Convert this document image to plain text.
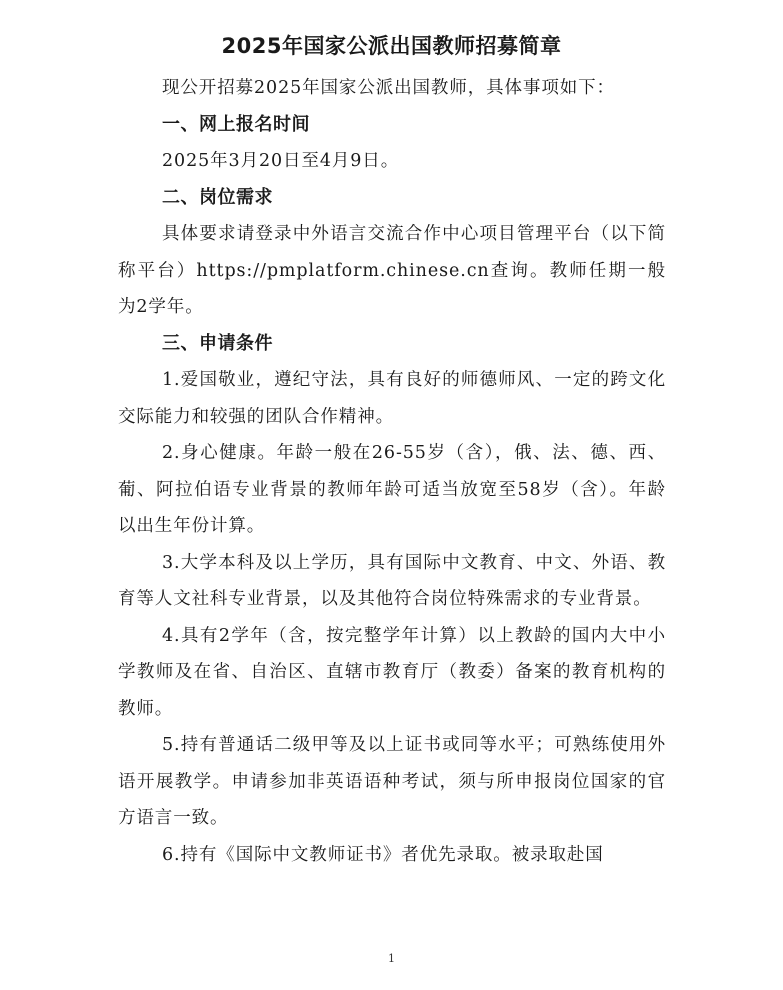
2025年国家公派出国教师招募简章

现公开招募2025年国家公派出国教师，具体事项如下：

一、网上报名时间

2025年3月20日至4月9日。

二、岗位需求

具体要求请登录中外语言交流合作中心项目管理平台（以下简称平台）https://pmplatform.chinese.cn查询。教师任期一般为2学年。

三、申请条件

1.爱国敬业，遵纪守法，具有良好的师德师风、一定的跨文化交际能力和较强的团队合作精神。

2.身心健康。年龄一般在26-55岁（含），俄、法、德、西、葡、阿拉伯语专业背景的教师年龄可适当放宽至58岁（含）。年龄以出生年份计算。

3.大学本科及以上学历，具有国际中文教育、中文、外语、教育等人文社科专业背景，以及其他符合岗位特殊需求的专业背景。

4.具有2学年（含，按完整学年计算）以上教龄的国内大中小学教师及在省、自治区、直辖市教育厅（教委）备案的教育机构的教师。

5.持有普通话二级甲等及以上证书或同等水平；可熟练使用外语开展教学。申请参加非英语语种考试，须与所申报岗位国家的官方语言一致。

6.持有《国际中文教师证书》者优先录取。被录取赴国

1
